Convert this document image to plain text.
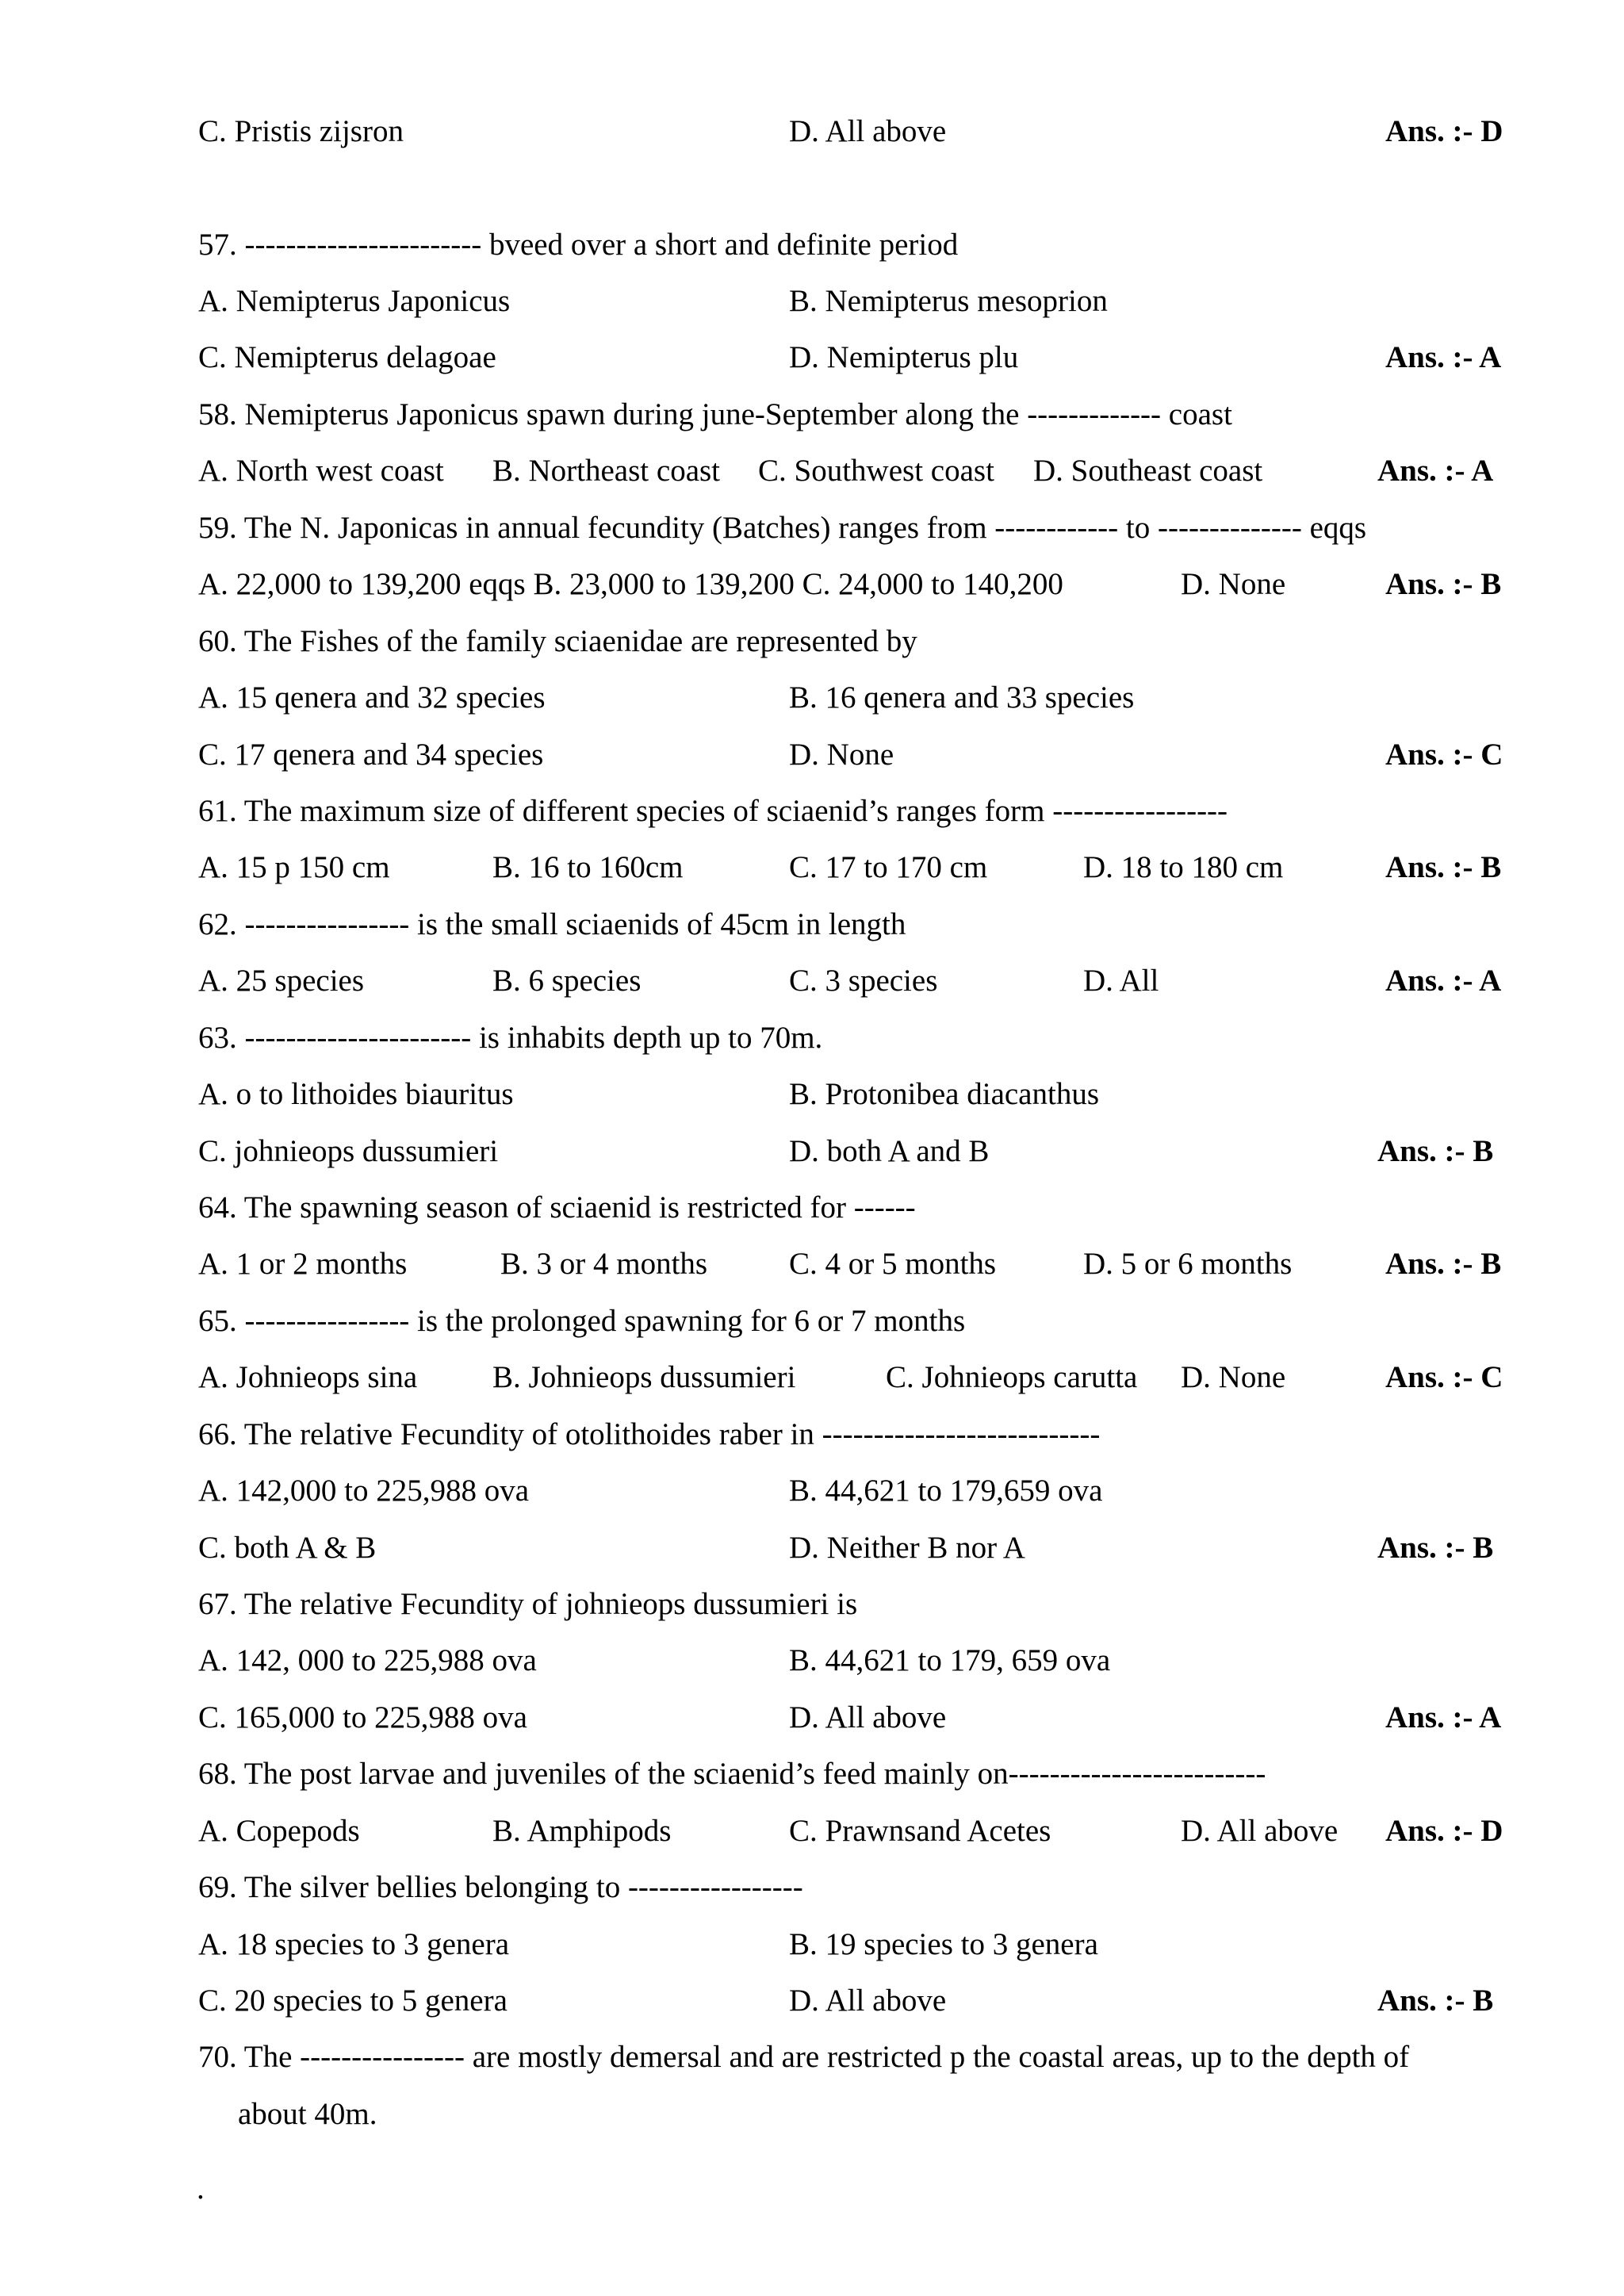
C. Pristis zijsron	D. All above	Ans. :- D
57. ----------------------- bveed over a short and definite period
A. Nemipterus Japonicus	B. Nemipterus mesoprion
C. Nemipterus delagoae	D. Nemipterus plu	Ans. :- A
58. Nemipterus Japonicus spawn during june-September along the ------------- coast
A. North west coast B. Northeast coast C. Southwest coast D. Southeast coast	Ans. :- A
59. The N. Japonicas in annual fecundity (Batches) ranges from ------------ to -------------- eqqs
A. 22,000 to 139,200 eqqs B. 23,000 to 139,200 C. 24,000 to 140,200	D. None	Ans. :- B
60. The Fishes of the family sciaenidae are represented by
A. 15 qenera and 32 species	B. 16 qenera and 33 species
C. 17 qenera and 34 species	D. None	Ans. :- C
61. The maximum size of different species of sciaenid’s ranges form -----------------
A. 15 p 150 cm	B. 16 to 160cm	C. 17 to 170 cm	D. 18 to 180 cm	Ans. :- B
62. ---------------- is the small sciaenids of 45cm in length
A. 25 species	B. 6 species	C. 3 species	D. All	Ans. :- A
63. ---------------------- is inhabits depth up to 70m.
A. o to lithoides biauritus	B. Protonibea diacanthus
C. johnieops dussumieri	D. both A and B	Ans. :- B
64. The spawning season of sciaenid is restricted for ------
A. 1 or 2 months	B. 3 or 4 months	C. 4 or 5 months	D. 5 or 6 months	Ans. :- B
65. ---------------- is the prolonged spawning for 6 or 7 months
A. Johnieops sina B. Johnieops dussumieri	C. Johnieops carutta D. None	Ans. :- C
66. The relative Fecundity of otolithoides raber in ---------------------------
A. 142,000 to 225,988 ova	B. 44,621 to 179,659 ova
C. both A & B	D. Neither B nor A	Ans. :- B
67. The relative Fecundity of johnieops dussumieri is
A. 142, 000 to 225,988 ova	B. 44,621 to 179, 659 ova
C. 165,000 to 225,988 ova	D. All above	Ans. :- A
68. The post larvae and juveniles of the sciaenid’s feed mainly on-------------------------
A. Copepods	B. Amphipods	C. Prawnsand Acetes	D. All above Ans. :- D
69. The silver bellies belonging to -----------------
A. 18 species to 3 genera	B. 19 species to 3 genera
C. 20 species to 5 genera	D. All above	Ans. :- B
70. The ---------------- are mostly demersal and are restricted p the coastal areas, up to the depth of
about 40m.
.
